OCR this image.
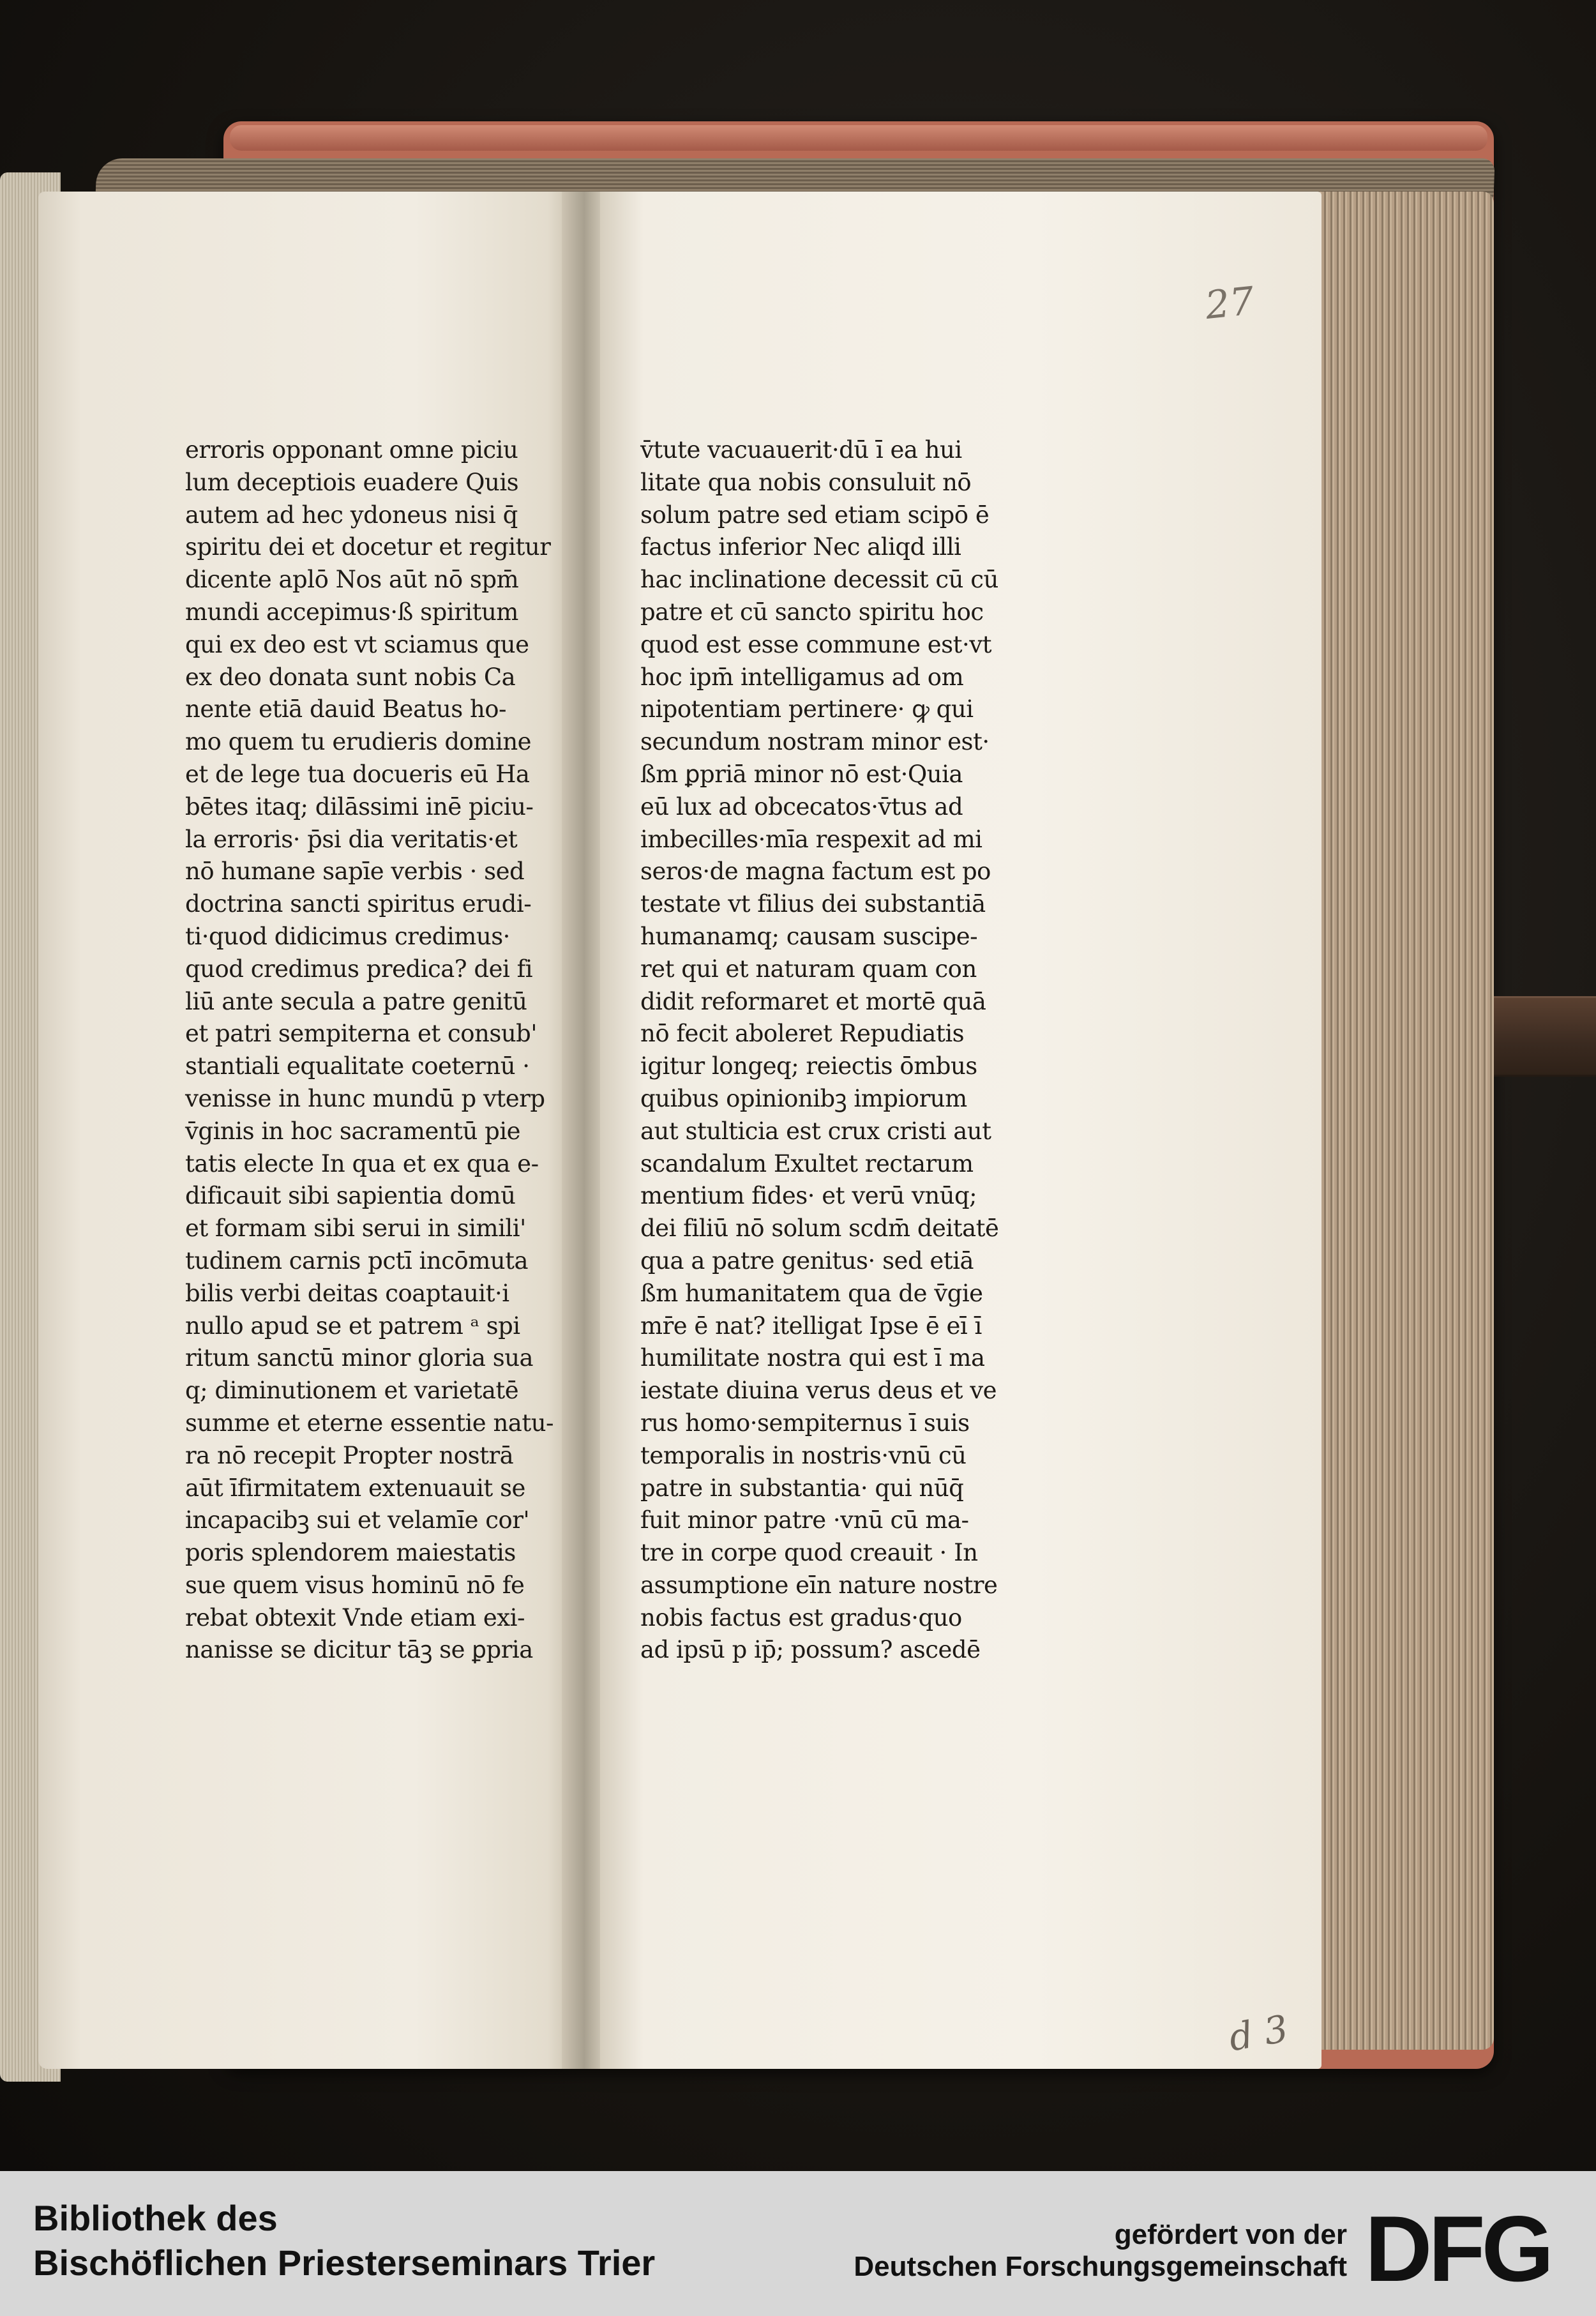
27
d 3
erroris opponant omne piciu
lum deceptiois euadere Quis
autem ad hec ydoneus nisi q̄
spiritu dei et docetur et regitur
dicente aplō Nos aūt nō spm̄
mundi accepimus·ß spiritum
qui ex deo est vt sciamus que
ex deo donata sunt nobis Ca
nente etiā dauid Beatus ho-
mo quem tu erudieris domine
et de lege tua docueris eū Ha
bētes itaq; dilāssimi inē piciu-
la erroris· p̄si dia veritatis·et
nō humane sapīe verbis · sed
doctrina sancti spiritus erudi-
ti·quod didicimus credimus·
quod credimus predica? dei fi
liū ante secula a patre genitū
et patri sempiterna et consub'
stantiali equalitate coeternū ·
venisse in hunc mundū p vterp
v̄ginis in hoc sacramentū pie
tatis electe In qua et ex qua e-
dificauit sibi sapientia domū
et formam sibi serui in simili'
tudinem carnis pctī incōmuta
bilis verbi deitas coaptauit·i
nullo apud se et patrem ᵃ spi
ritum sanctū minor gloria sua
q; diminutionem et varietatē
summe et eterne essentie natu-
ra nō recepit Propter nostrā
aūt īfirmitatem extenuauit se
incapacibꝫ sui et velamīe cor'
poris splendorem maiestatis
sue quem visus hominū nō fe
rebat obtexit Vnde etiam exi-
nanisse se dicitur tāꝫ se ꝑpria
v̄tute vacuauerit·dū ī ea hui
litate qua nobis consuluit nō
solum patre sed etiam scipō ē
factus inferior Nec aliqd illi
hac inclinatione decessit cū cū
patre et cū sancto spiritu hoc
quod est esse commune est·vt
hoc ipm̄ intelligamus ad om
nipotentiam pertinere· ꝙ qui
secundum nostram minor est·
ßm ꝑpriā minor nō est·Quia
eū lux ad obcecatos·v̄tus ad
imbecilles·mīa respexit ad mi
seros·de magna factum est po
testate vt filius dei substantiā
humanamq; causam suscipe-
ret qui et naturam quam con
didit reformaret et mortē quā
nō fecit aboleret Repudiatis
igitur longeq; reiectis ōmbus
quibus opinionibꝫ impiorum
aut stulticia est crux cristi aut
scandalum Exultet rectarum
mentium fides· et verū vnūq;
dei filiū nō solum scdm̄ deitatē
qua a patre genitus· sed etiā
ßm humanitatem qua de v̄gie
mr̄e ē nat? itelligat Ipse ē eī ī
humilitate nostra qui est ī ma
iestate diuina verus deus et ve
rus homo·sempiternus ī suis
temporalis in nostris·vnū cū
patre in substantia· qui nūq̄
fuit minor patre ·vnū cū ma-
tre in corpe quod creauit · In
assumptione eīn nature nostre
nobis factus est gradus·quo
ad ipsū p ip̄; possum? ascedē
Bibliothek des
Bischöflichen Priesterseminars Trier
gefördert von der
Deutschen Forschungsgemeinschaft DFG
